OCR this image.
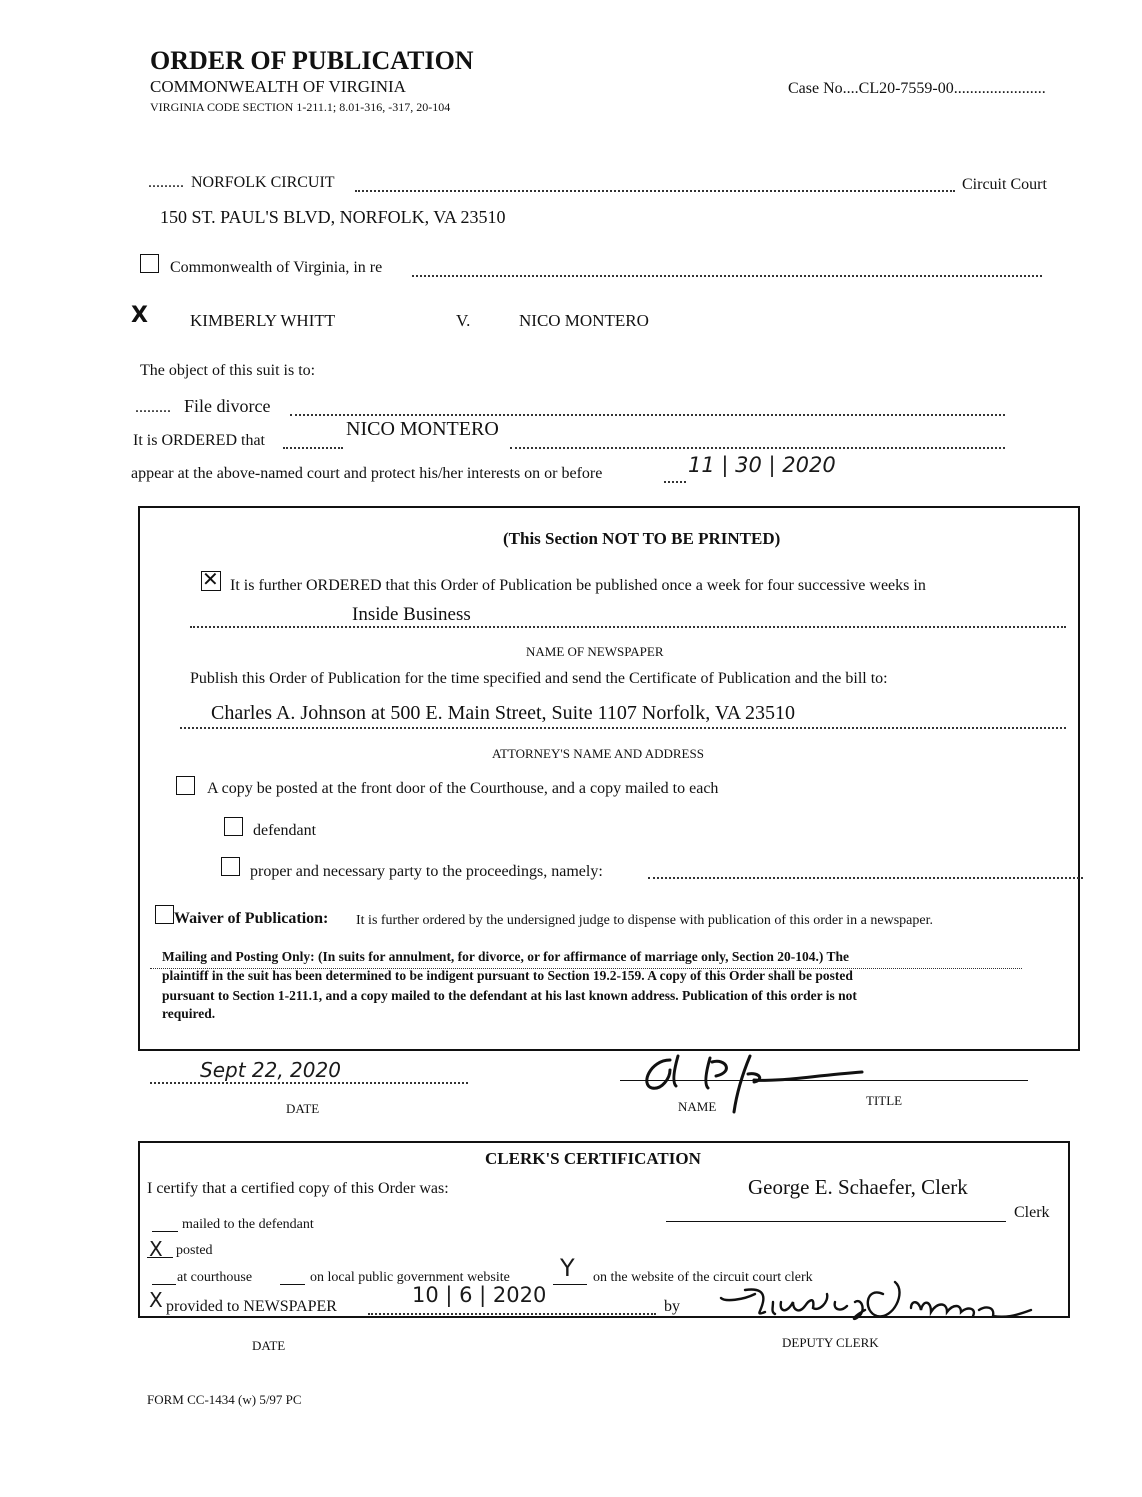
ORDER OF PUBLICATION
COMMONWEALTH OF VIRGINIA
VIRGINIA CODE SECTION 1-211.1; 8.01-316, -317, 20-104
Case No....CL20-7559-00.......................
......... NORFOLK CIRCUIT	Circuit Court
150 ST. PAUL'S BLVD, NORFOLK, VA 23510
Commonwealth of Virginia, in re
X KIMBERLY WHITT	V.	NICO MONTERO
The object of this suit is to:
......... File divorce
It is ORDERED that
NICO MONTERO
appear at the above-named court and protect his/her interests on or before	11 | 30 | 2020
(This Section NOT TO BE PRINTED)
✕
It is further ORDERED that this Order of Publication be published once a week for four successive weeks in
Inside Business
NAME OF NEWSPAPER
Publish this Order of Publication for the time specified and send the Certificate of Publication and the bill to:
Charles A. Johnson at 500 E. Main Street, Suite 1107 Norfolk, VA 23510
ATTORNEY'S NAME AND ADDRESS
A copy be posted at the front door of the Courthouse, and a copy mailed to each
defendant
proper and necessary party to the proceedings, namely:
Waiver of Publication: It is further ordered by the undersigned judge to dispense with publication of this order in a newspaper.
Mailing and Posting Only: (In suits for annulment, for divorce, or for affirmance of marriage only, Section 20-104.) The
plaintiff in the suit has been determined to be indigent pursuant to Section 19.2-159. A copy of this Order shall be posted
pursuant to Section 1-211.1, and a copy mailed to the defendant at his last known address. Publication of this order is not
required.
Sept 22, 2020
DATE	NAME	TITLE
CLERK'S CERTIFICATION
I certify that a certified copy of this Order was:	George E. Schaefer, Clerk
Clerk
mailed to the defendant
X posted
at courthouse	on local public government website Y on the website of the circuit court clerk
X provided to NEWSPAPER	10 | 6 | 2020	by
DATE	DEPUTY CLERK
FORM CC-1434 (w) 5/97 PC
